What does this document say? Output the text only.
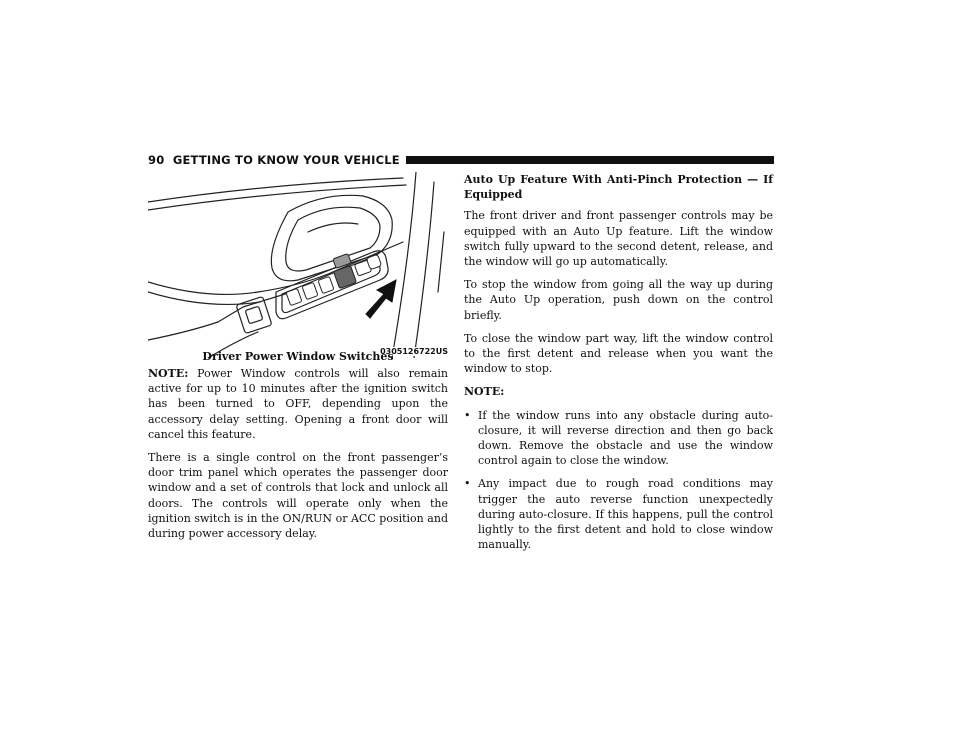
90 GETTING TO KNOW YOUR VEHICLE
0305126722US
Driver Power Window Switches

NOTE: Power Window controls will also remain active for up to 10 minutes after the ignition switch has been turned to OFF, depending upon the accessory delay setting. Opening a front door will cancel this feature.

There is a single control on the front passenger’s door trim panel which operates the passenger door window and a set of controls that lock and unlock all doors. The controls will operate only when the ignition switch is in the ON/RUN or ACC position and during power accessory delay.

Auto Up Feature With Anti-Pinch Protection — If Equipped

The front driver and front passenger controls may be equipped with an Auto Up feature. Lift the window switch fully upward to the second detent, release, and the window will go up automatically.

To stop the window from going all the way up during the Auto Up operation, push down on the control briefly.

To close the window part way, lift the window control to the first detent and release when you want the window to stop.

NOTE:

• If the window runs into any obstacle during auto-closure, it will reverse direction and then go back down. Remove the obstacle and use the window control again to close the window.
• Any impact due to rough road conditions may trigger the auto reverse function unexpectedly during auto-closure. If this happens, pull the control lightly to the first detent and hold to close window manually.
